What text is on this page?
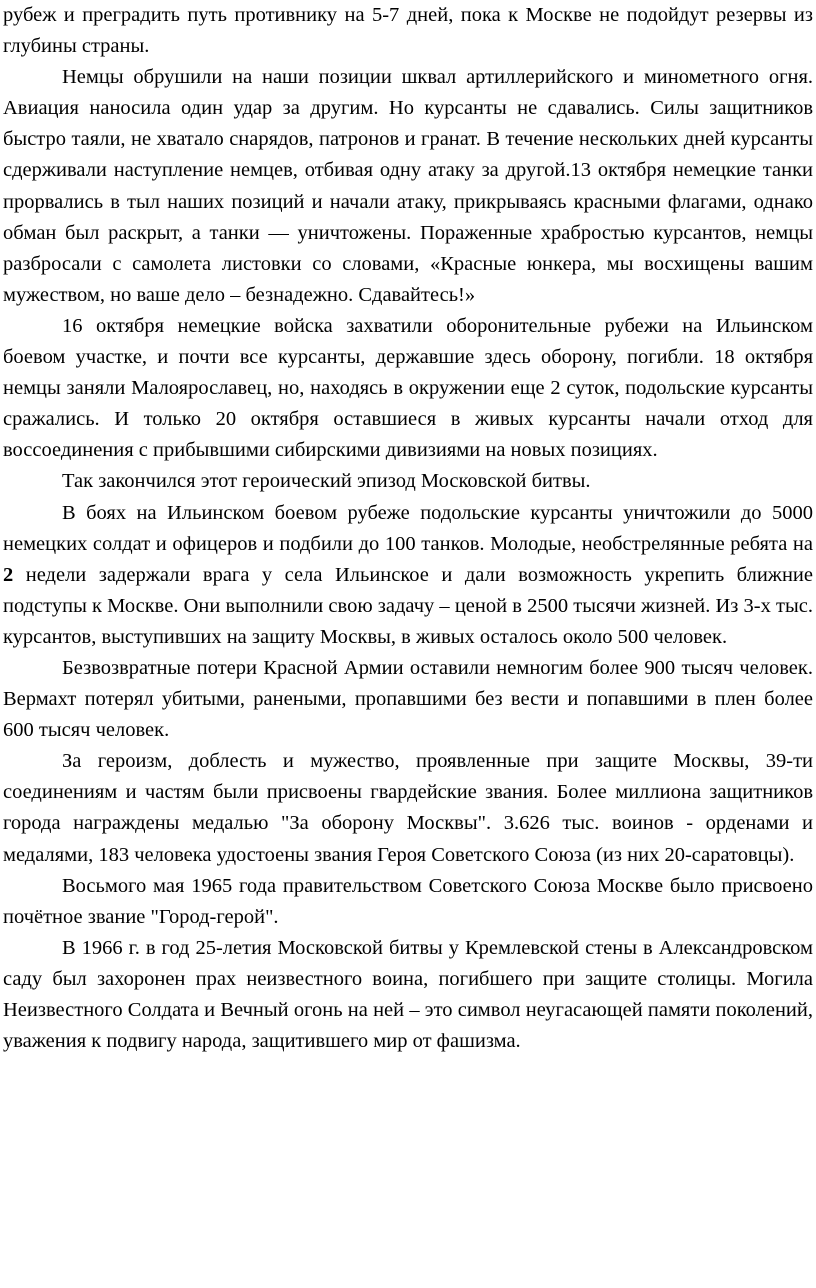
рубеж и преградить путь противнику на 5-7 дней, пока к Москве не подойдут резервы из глубины страны.

Немцы обрушили на наши позиции шквал артиллерийского и минометного огня. Авиация наносила один удар за другим. Но курсанты не сдавались. Силы защитников быстро таяли, не хватало снарядов, патронов и гранат. В течение нескольких дней курсанты сдерживали наступление немцев, отбивая одну атаку за другой.13 октября немецкие танки прорвались в тыл наших позиций и начали атаку, прикрываясь красными флагами, однако обман был раскрыт, а танки — уничтожены. Пораженные храбростью курсантов, немцы разбросали с самолета листовки со словами, «Красные юнкера, мы восхищены вашим мужеством, но ваше дело – безнадежно. Сдавайтесь!»

16 октября немецкие войска захватили оборонительные рубежи на Ильинском боевом участке, и почти все курсанты, державшие здесь оборону, погибли. 18 октября немцы заняли Малоярославец, но, находясь в окружении еще 2 суток, подольские курсанты сражались. И только 20 октября оставшиеся в живых курсанты начали отход для воссоединения с прибывшими сибирскими дивизиями на новых позициях.

Так закончился этот героический эпизод Московской битвы.

В боях на Ильинском боевом рубеже подольские курсанты уничтожили до 5000 немецких солдат и офицеров и подбили до 100 танков. Молодые, необстрелянные ребята на 2 недели задержали врага у села Ильинское и дали возможность укрепить ближние подступы к Москве. Они выполнили свою задачу – ценой в 2500 тысячи жизней. Из 3-х тыс. курсантов, выступивших на защиту Москвы, в живых осталось около 500 человек.

Безвозвратные потери Красной Армии оставили немногим более 900 тысяч человек. Вермахт потерял убитыми, ранеными, пропавшими без вести и попавшими в плен более 600 тысяч человек.

За героизм, доблесть и мужество, проявленные при защите Москвы, 39-ти соединениям и частям были присвоены гвардейские звания. Более миллиона защитников города награждены медалью "За оборону Москвы". 3.626 тыс. воинов - орденами и медалями, 183 человека удостоены звания Героя Советского Союза (из них 20-саратовцы).

Восьмого мая 1965 года правительством Советского Союза Москве было присвоено почётное звание "Город-герой".

В 1966 г. в год 25-летия Московской битвы у Кремлевской стены в Александровском саду был захоронен прах неизвестного воина, погибшего при защите столицы. Могила Неизвестного Солдата и Вечный огонь на ней – это символ неугасающей памяти поколений, уважения к подвигу народа, защитившего мир от фашизма.
